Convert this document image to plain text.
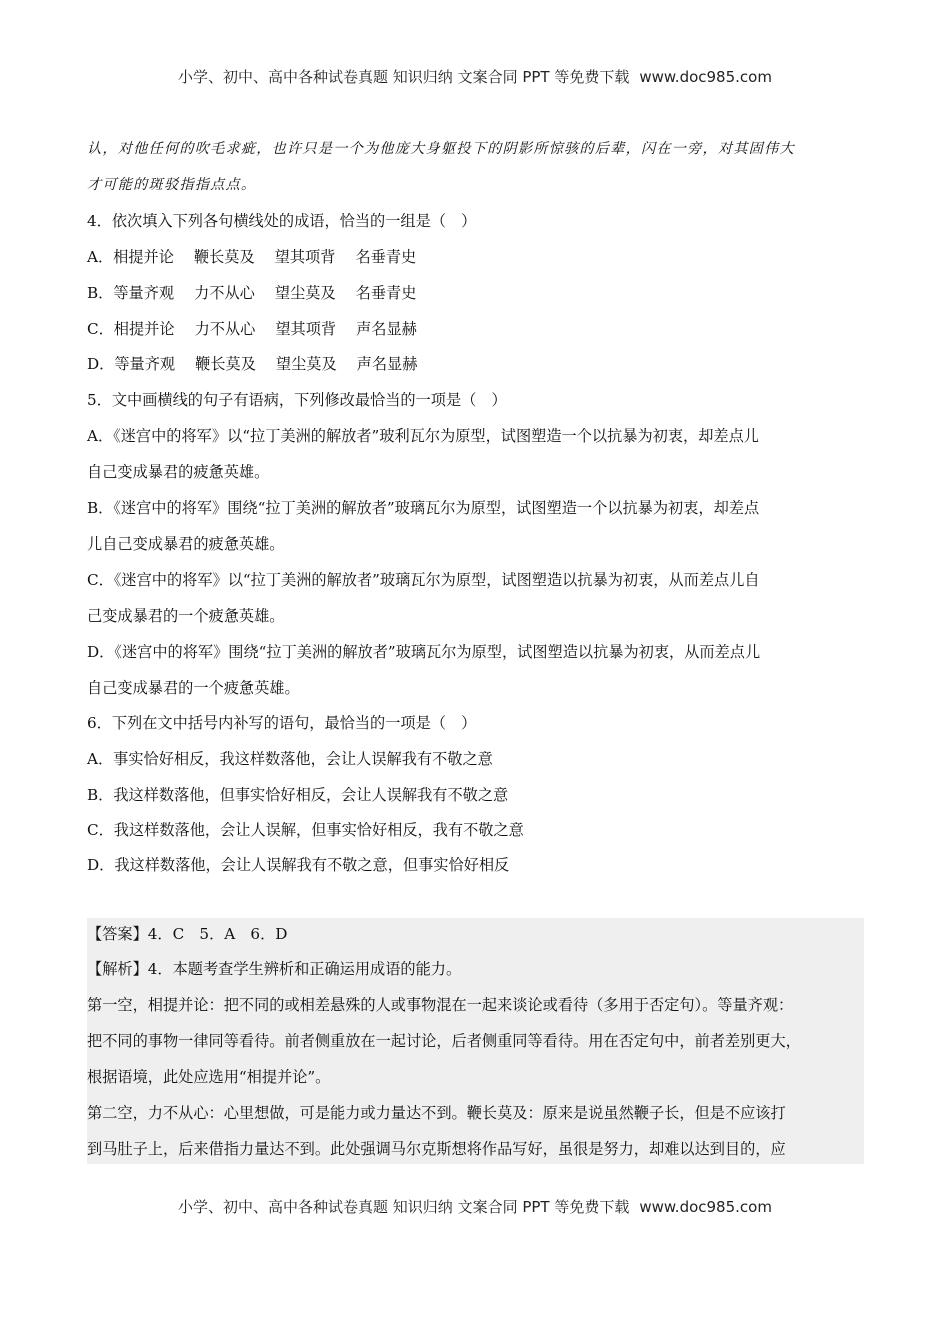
小学、初中、高中各种试卷真题 知识归纳 文案合同 PPT 等免费下载 www.doc985.com
认，对他任何的吹毛求疵，也许只是一个为他庞大身躯投下的阴影所惊骇的后辈，闪在一旁，对其固伟大
才可能的斑驳指指点点。
4．依次填入下列各句横线处的成语，恰当的一组是（　）
A．相提并论　 鞭长莫及　 望其项背　 名垂青史
B．等量齐观　 力不从心　 望尘莫及　 名垂青史
C．相提并论　 力不从心　 望其项背　 声名显赫
D．等量齐观　 鞭长莫及　 望尘莫及　 声名显赫
5．文中画横线的句子有语病，下列修改最恰当的一项是（　）
A．《迷宫中的将军》以“拉丁美洲的解放者”玻利瓦尔为原型，试图塑造一个以抗暴为初衷，却差点儿
自己变成暴君的疲惫英雄。
B．《迷宫中的将军》围绕“拉丁美洲的解放者”玻璃瓦尔为原型，试图塑造一个以抗暴为初衷，却差点
儿自己变成暴君的疲惫英雄。
C．《迷宫中的将军》以“拉丁美洲的解放者”玻璃瓦尔为原型，试图塑造以抗暴为初衷，从而差点儿自
己变成暴君的一个疲惫英雄。
D．《迷宫中的将军》围绕“拉丁美洲的解放者”玻璃瓦尔为原型，试图塑造以抗暴为初衷，从而差点儿
自己变成暴君的一个疲惫英雄。
6．下列在文中括号内补写的语句，最恰当的一项是（　）
A．事实恰好相反，我这样数落他，会让人误解我有不敬之意
B．我这样数落他，但事实恰好相反，会让人误解我有不敬之意
C．我这样数落他，会让人误解，但事实恰好相反，我有不敬之意
D．我这样数落他，会让人误解我有不敬之意，但事实恰好相反
【答案】4．C　5．A　6．D
【解析】4．本题考查学生辨析和正确运用成语的能力。
第一空，相提并论：把不同的或相差悬殊的人或事物混在一起来谈论或看待（多用于否定句）。等量齐观：
把不同的事物一律同等看待。前者侧重放在一起讨论，后者侧重同等看待。用在否定句中，前者差别更大，
根据语境，此处应选用“相提并论”。
第二空，力不从心：心里想做，可是能力或力量达不到。鞭长莫及：原来是说虽然鞭子长，但是不应该打
到马肚子上，后来借指力量达不到。此处强调马尔克斯想将作品写好，虽很是努力，却难以达到目的，应
小学、初中、高中各种试卷真题 知识归纳 文案合同 PPT 等免费下载 www.doc985.com
